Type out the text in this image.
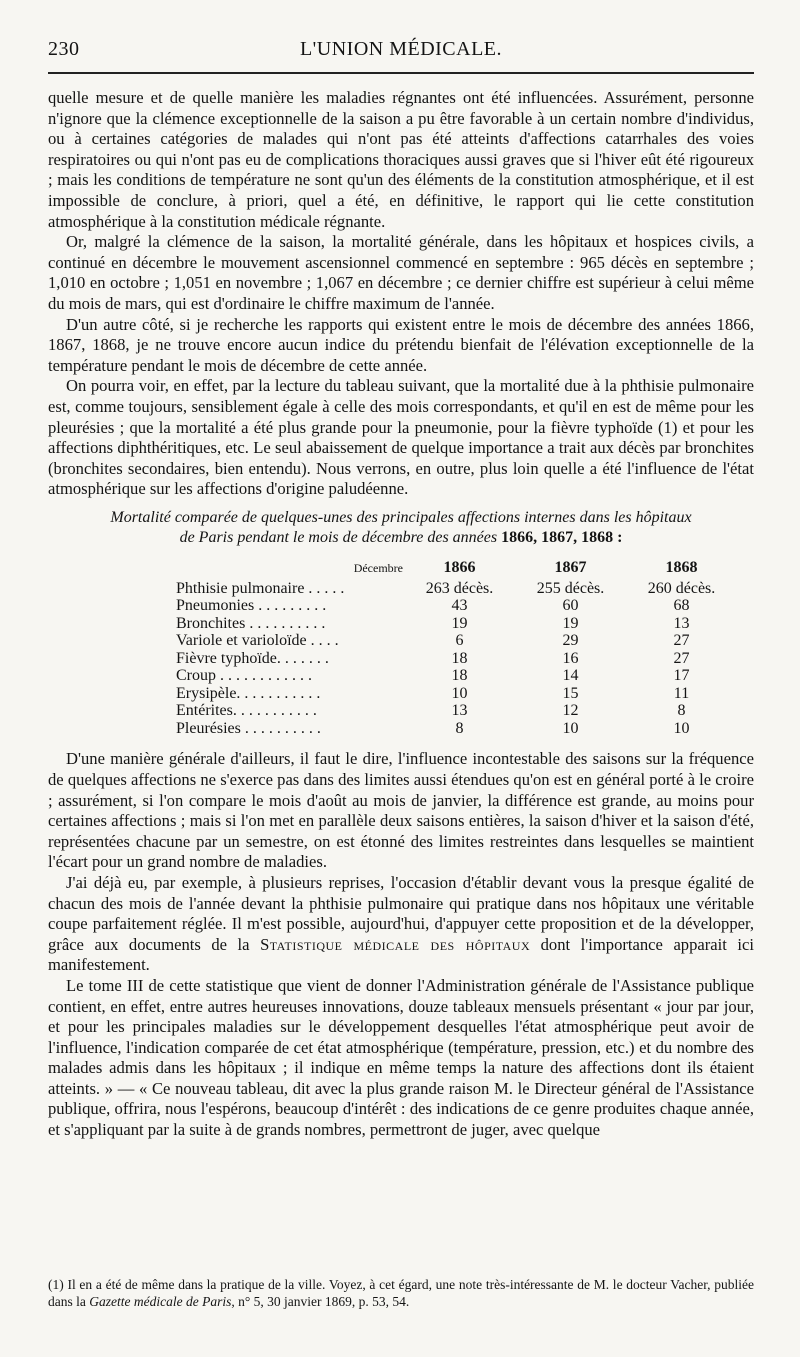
230	L'UNION MÉDICALE.

quelle mesure et de quelle manière les maladies régnantes ont été influencées. Assurément, personne n'ignore que la clémence exceptionnelle de la saison a pu être favorable à un certain nombre d'individus, ou à certaines catégories de malades qui n'ont pas été atteints d'affections catarrhales des voies respiratoires ou qui n'ont pas eu de complications thoraciques aussi graves que si l'hiver eût été rigoureux ; mais les conditions de température ne sont qu'un des éléments de la constitution atmosphérique, et il est impossible de conclure, à priori, quel a été, en définitive, le rapport qui lie cette constitution atmosphérique à la constitution médicale régnante.

Or, malgré la clémence de la saison, la mortalité générale, dans les hôpitaux et hospices civils, a continué en décembre le mouvement ascensionnel commencé en septembre : 965 décès en septembre ; 1,010 en octobre ; 1,051 en novembre ; 1,067 en décembre ; ce dernier chiffre est supérieur à celui même du mois de mars, qui est d'ordinaire le chiffre maximum de l'année.

D'un autre côté, si je recherche les rapports qui existent entre le mois de décembre des années 1866, 1867, 1868, je ne trouve encore aucun indice du prétendu bienfait de l'élévation exceptionnelle de la température pendant le mois de décembre de cette année.

On pourra voir, en effet, par la lecture du tableau suivant, que la mortalité due à la phthisie pulmonaire est, comme toujours, sensiblement égale à celle des mois correspondants, et qu'il en est de même pour les pleurésies ; que la mortalité a été plus grande pour la pneumonie, pour la fièvre typhoïde (1) et pour les affections diphthéritiques, etc. Le seul abaissement de quelque importance a trait aux décès par bronchites (bronchites secondaires, bien entendu). Nous verrons, en outre, plus loin quelle a été l'influence de l'état atmosphérique sur les affections d'origine paludéenne.

Mortalité comparée de quelques-unes des principales affections internes dans les hôpitaux
de Paris pendant le mois de décembre des années 1866, 1867, 1868 :
Décembre	1866	1867	1868
Phthisie pulmonaire . . . . .	263 décès.	255 décès.	260 décès.
Pneumonies . . . . . . . . .	43	60	68
Bronchites . . . . . . . . . .	19	19	13
Variole et varioloïde . . . .	6	29	27
Fièvre typhoïde. . . . . . .	18	16	27
Croup . . . . . . . . . . . .	18	14	17
Erysipèle. . . . . . . . . . .	10	15	11
Entérites. . . . . . . . . . .	13	12	8
Pleurésies . . . . . . . . . .	8	10	10

D'une manière générale d'ailleurs, il faut le dire, l'influence incontestable des saisons sur la fréquence de quelques affections ne s'exerce pas dans des limites aussi étendues qu'on est en général porté à le croire ; assurément, si l'on compare le mois d'août au mois de janvier, la différence est grande, au moins pour certaines affections ; mais si l'on met en parallèle deux saisons entières, la saison d'hiver et la saison d'été, représentées chacune par un semestre, on est étonné des limites restreintes dans lesquelles se maintient l'écart pour un grand nombre de maladies.

J'ai déjà eu, par exemple, à plusieurs reprises, l'occasion d'établir devant vous la presque égalité de chacun des mois de l'année devant la phthisie pulmonaire qui pratique dans nos hôpitaux une véritable coupe parfaitement réglée. Il m'est possible, aujourd'hui, d'appuyer cette proposition et de la développer, grâce aux documents de la Statistique médicale des hôpitaux dont l'importance apparait ici manifestement.

Le tome III de cette statistique que vient de donner l'Administration générale de l'Assistance publique contient, en effet, entre autres heureuses innovations, douze tableaux mensuels présentant « jour par jour, et pour les principales maladies sur le développement desquelles l'état atmosphérique peut avoir de l'influence, l'indication comparée de cet état atmosphérique (température, pression, etc.) et du nombre des malades admis dans les hôpitaux ; il indique en même temps la nature des affections dont ils étaient atteints. » — « Ce nouveau tableau, dit avec la plus grande raison M. le Directeur général de l'Assistance publique, offrira, nous l'espérons, beaucoup d'intérêt : des indications de ce genre produites chaque année, et s'appliquant par la suite à de grands nombres, permettront de juger, avec quelque

(1) Il en a été de même dans la pratique de la ville. Voyez, à cet égard, une note très-intéressante de M. le docteur Vacher, publiée dans la Gazette médicale de Paris, n° 5, 30 janvier 1869, p. 53, 54.
